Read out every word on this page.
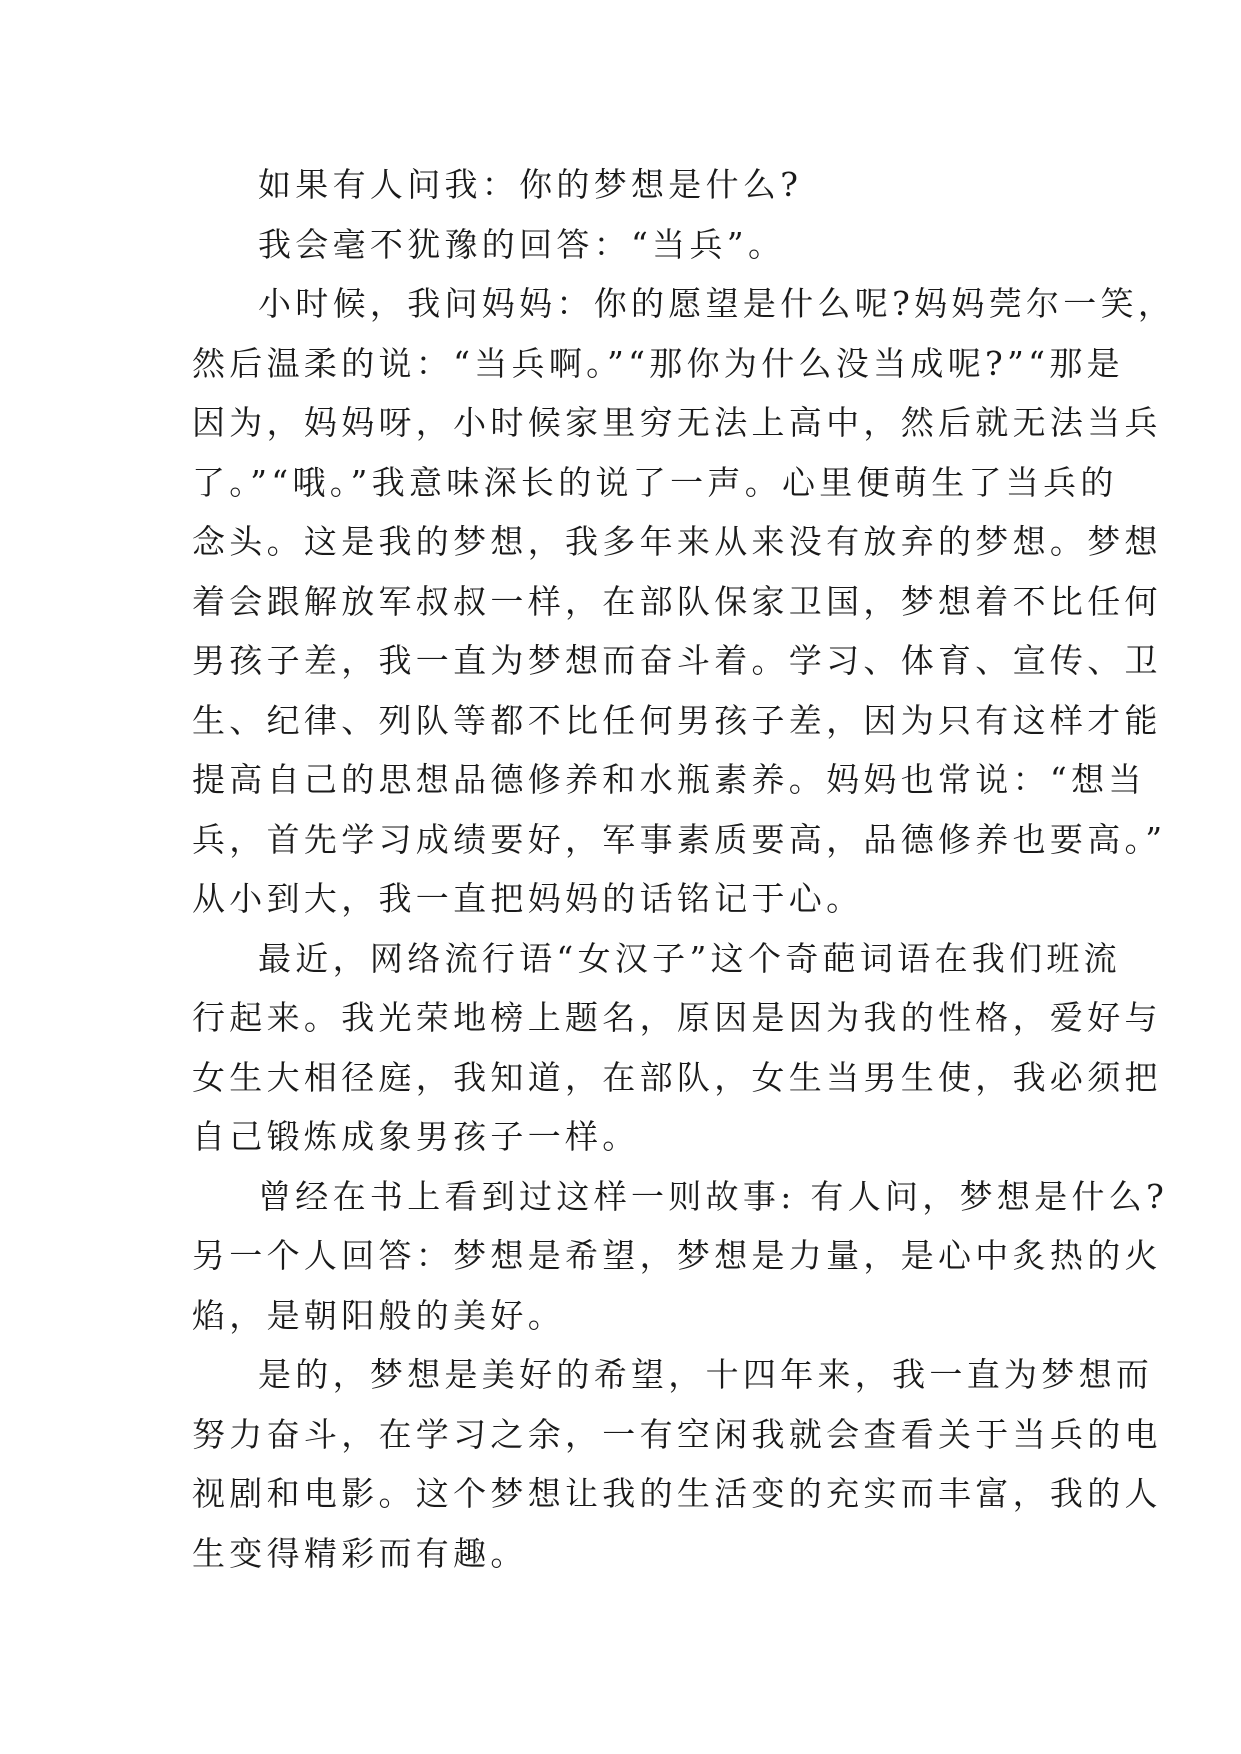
如果有人问我：你的梦想是什么?
我会毫不犹豫的回答：“当兵”。
小时候，我问妈妈：你的愿望是什么呢?妈妈莞尔一笑，
然后温柔的说：“当兵啊。”“那你为什么没当成呢?”“那是
因为，妈妈呀，小时候家里穷无法上高中，然后就无法当兵
了。”“哦。”我意味深长的说了一声。心里便萌生了当兵的
念头。这是我的梦想，我多年来从来没有放弃的梦想。梦想
着会跟解放军叔叔一样，在部队保家卫国，梦想着不比任何
男孩子差，我一直为梦想而奋斗着。学习、体育、宣传、卫
生、纪律、列队等都不比任何男孩子差，因为只有这样才能
提高自己的思想品德修养和水瓶素养。妈妈也常说：“想当
兵，首先学习成绩要好，军事素质要高，品德修养也要高。”
从小到大，我一直把妈妈的话铭记于心。
最近，网络流行语“女汉子”这个奇葩词语在我们班流
行起来。我光荣地榜上题名，原因是因为我的性格，爱好与
女生大相径庭，我知道，在部队，女生当男生使，我必须把
自己锻炼成象男孩子一样。
曾经在书上看到过这样一则故事: 有人问，梦想是什么?
另一个人回答：梦想是希望，梦想是力量，是心中炙热的火
焰，是朝阳般的美好。
是的，梦想是美好的希望，十四年来，我一直为梦想而
努力奋斗，在学习之余，一有空闲我就会查看关于当兵的电
视剧和电影。这个梦想让我的生活变的充实而丰富，我的人
生变得精彩而有趣。
